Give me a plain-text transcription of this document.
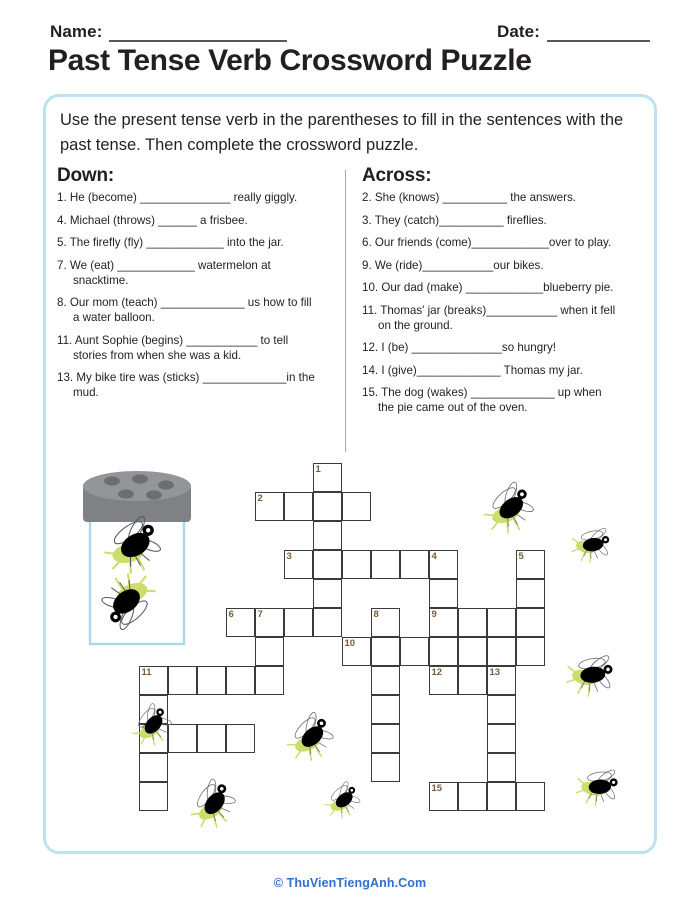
Name:	Date:
Past Tense Verb Crossword Puzzle
Use the present tense verb in the parentheses to fill in the sentences with the past tense. Then complete the crossword puzzle.
Down:
1. He (become) ______________ really giggly.
4. Michael (throws) ______ a frisbee.
5. The firefly (fly) ____________ into the jar.
7. We (eat) ____________ watermelon at
snacktime.
8. Our mom (teach) _____________ us how to fill
a water balloon.
11. Aunt Sophie (begins) ___________ to tell
stories from when she was a kid.
13. My bike tire was (sticks) _____________in the
mud.
Across:
2. She (knows) __________ the answers.
3. They (catch)__________ fireflies.
6. Our friends (come)____________over to play.
9. We (ride)___________our bikes.
10. Our dad (make) ____________blueberry pie.
11. Thomas' jar (breaks)___________ when it fell
on the ground.
12. I (be) ______________so hungry!
14. I (give)_____________ Thomas my jar.
15. The dog (wakes) _____________ up when
the pie came out of the oven.
1
2
3	4	5
6 7	8	9
10
11	12	13
15
© ThuVienTiengAnh.Com
